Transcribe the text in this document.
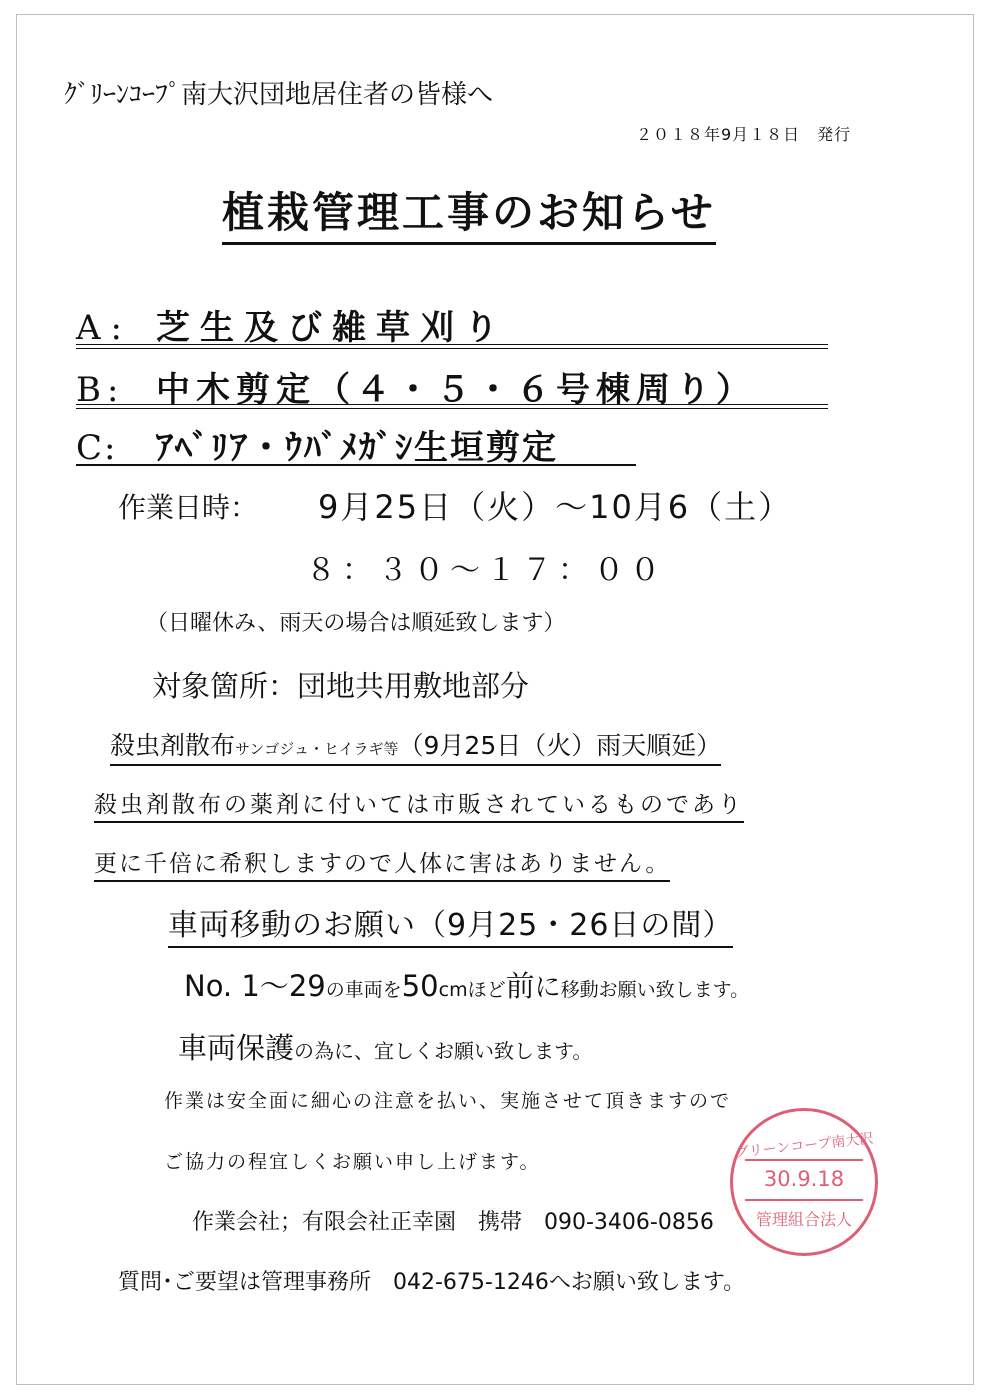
ｸﾞﾘｰﾝｺｰﾌﾟ南大沢団地居住者の皆様へ
２０１８年9月１８日　発行
植栽管理工事のお知らせ
A: 芝生及び雑草刈り
B: 中木剪定（４・５・６号棟周り）
C: ｱﾍﾞﾘｱ・ｳﾊﾞﾒｶﾞｼ生垣剪定
作業日時： 9月25日（火）～10月6（土）
８：３０～１７：００
（日曜休み、雨天の場合は順延致します）
対象箇所：団地共用敷地部分
殺虫剤散布サンゴジュ・ヒイラギ等（9月25日（火）雨天順延）
殺虫剤散布の薬剤に付いては市販されているものであり
更に千倍に希釈しますので人体に害はありません。
車両移動のお願い（9月25・26日の間）
No. 1～29の車両を50cmほど前に移動お願い致します。
車両保護の為に、宜しくお願い致します。
作業は安全面に細心の注意を払い、実施させて頂きますので
ご協力の程宜しくお願い申し上げます。
作業会社；有限会社正幸園　携帯　090-3406-0856
質問･ご要望は管理事務所　042-675-1246へお願い致します。
グリーンコープ南大沢
30.9.18
管理組合法人
